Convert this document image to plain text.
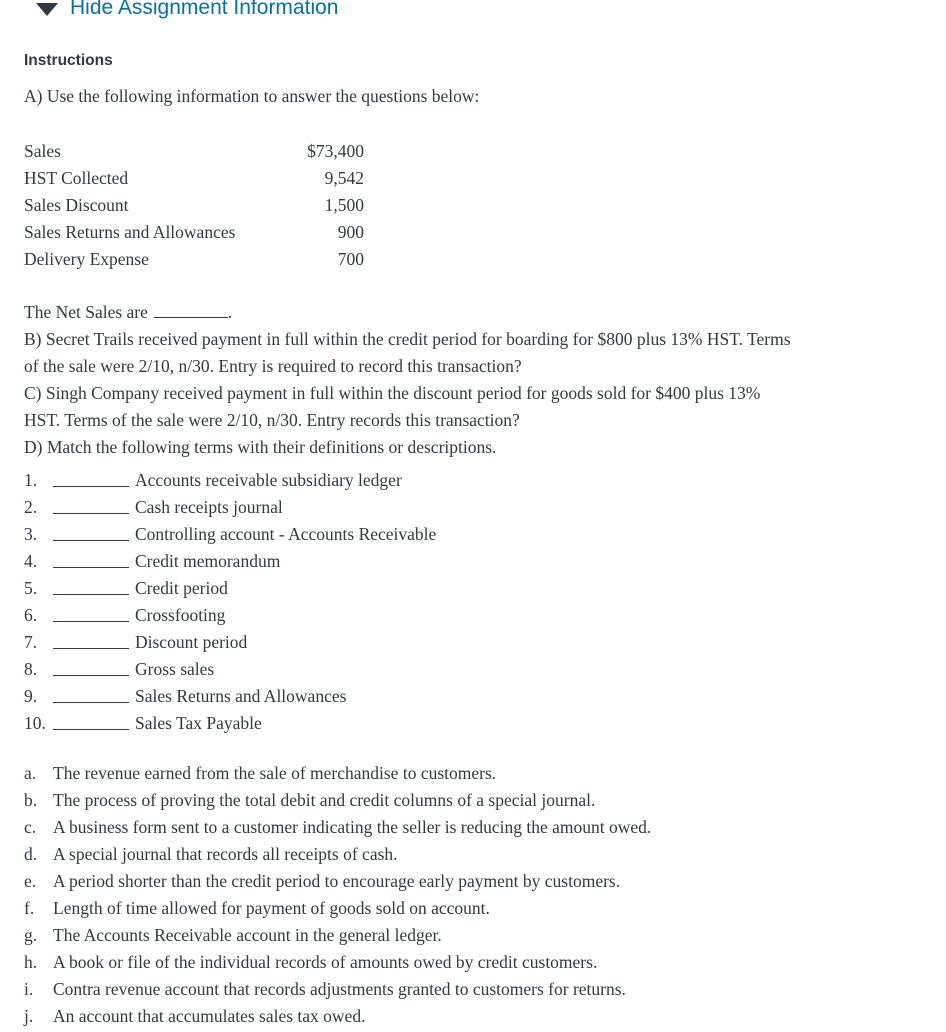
Hide Assignment Information
Instructions
A) Use the following information to answer the questions below:
Sales	$73,400
HST Collected	9,542
Sales Discount	1,500
Sales Returns and Allowances	900
Delivery Expense	700
The Net Sales are	.
B) Secret Trails received payment in full within the credit period for boarding for $800 plus 13% HST. Terms
of the sale were 2/10, n/30. Entry is required to record this transaction?
C) Singh Company received payment in full within the discount period for goods sold for $400 plus 13%
HST. Terms of the sale were 2/10, n/30. Entry records this transaction?
D) Match the following terms with their definitions or descriptions.
1.	Accounts receivable subsidiary ledger
2.	Cash receipts journal
3.	Controlling account - Accounts Receivable
4.	Credit memorandum
5.	Credit period
6.	Crossfooting
7.	Discount period
8.	Gross sales
9.	Sales Returns and Allowances
10.	Sales Tax Payable
a. The revenue earned from the sale of merchandise to customers.
b. The process of proving the total debit and credit columns of a special journal.
c. A business form sent to a customer indicating the seller is reducing the amount owed.
d. A special journal that records all receipts of cash.
e. A period shorter than the credit period to encourage early payment by customers.
f.	Length of time allowed for payment of goods sold on account.
g. The Accounts Receivable account in the general ledger.
h. A book or file of the individual records of amounts owed by credit customers.
i.	Contra revenue account that records adjustments granted to customers for returns.
j.	An account that accumulates sales tax owed.
